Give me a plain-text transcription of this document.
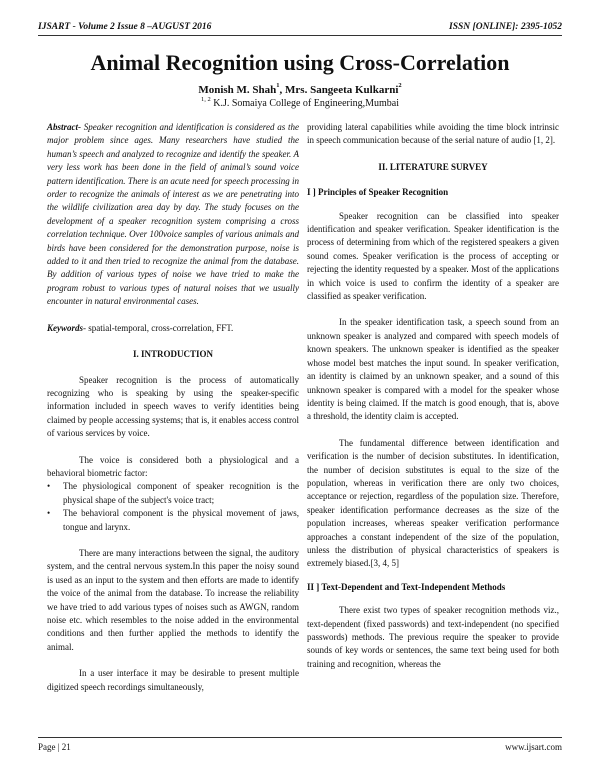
IJSART - Volume 2 Issue 8 –AUGUST 2016	ISSN [ONLINE]: 2395-1052
Animal Recognition using Cross-Correlation
Monish M. Shah$^1$, Mrs. Sangeeta Kulkarni$^2$
$^{1, 2}$ K.J. Somaiya College of Engineering,Mumbai

Abstract- Speaker recognition and identification is considered as the major problem since ages. Many researchers have studied the human’s speech and analyzed to recognize and identify the speaker. A very less work has been done in the field of animal’s sound voice pattern identification. There is an acute need for speech processing in order to recognize the animals of interest as we are penetrating into the wildlife civilization area day by day. The study focuses on the development of a speaker recognition system comprising a cross correlation technique. Over 100voice samples of various animals and birds have been considered for the demonstration purpose, noise is added to it and then tried to recognize the animal from the database. By addition of various types of noise we have tried to make the program robust to various types of natural noises that we usually encounter in natural environmental cases.

Keywords- spatial-temporal, cross-correlation, FFT.

I. INTRODUCTION

Speaker recognition is the process of automatically recognizing who is speaking by using the speaker-specific information included in speech waves to verify identities being claimed by people accessing systems; that is, it enables access control of various services by voice.

The voice is considered both a physiological and a behavioral biometric factor:

• The physiological component of speaker recognition is the physical shape of the subject's voice tract;
• The behavioral component is the physical movement of jaws, tongue and larynx.

There are many interactions between the signal, the auditory system, and the central nervous system.In this paper the noisy sound is used as an input to the system and then efforts are made to identify the voice of the animal from the database. To increase the reliability we have tried to add various types of noises such as AWGN, random noise etc. which resembles to the noise added in the environmental conditions and then further applied the methods to identify the animal.

In a user interface it may be desirable to present multiple digitized speech recordings simultaneously,

providing lateral capabilities while avoiding the time block intrinsic in speech communication because of the serial nature of audio [1, 2].

II. LITERATURE SURVEY
I ] Principles of Speaker Recognition

Speaker recognition can be classified into speaker identification and speaker verification. Speaker identification is the process of determining from which of the registered speakers a given sound comes. Speaker verification is the process of accepting or rejecting the identity requested by a speaker. Most of the applications in which voice is used to confirm the identity of a speaker are classified as speaker verification.

In the speaker identification task, a speech sound from an unknown speaker is analyzed and compared with speech models of known speakers. The unknown speaker is identified as the speaker whose model best matches the input sound. In speaker verification, an identity is claimed by an unknown speaker, and a sound of this unknown speaker is compared with a model for the speaker whose identity is being claimed. If the match is good enough, that is, above a threshold, the identity claim is accepted.

The fundamental difference between identification and verification is the number of decision substitutes. In identification, the number of decision substitutes is equal to the size of the population, whereas in verification there are only two choices, acceptance or rejection, regardless of the population size. Therefore, speaker identification performance decreases as the size of the population increases, whereas speaker verification performance approaches a constant independent of the size of the population, unless the distribution of physical characteristics of speakers is extremely biased.[3, 4, 5]

II ] Text-Dependent and Text-Independent Methods

There exist two types of speaker recognition methods viz., text-dependent (fixed passwords) and text-independent (no specified passwords) methods. The previous require the speaker to provide sounds of key words or sentences, the same text being used for both training and recognition, whereas the

Page | 21	www.ijsart.com
